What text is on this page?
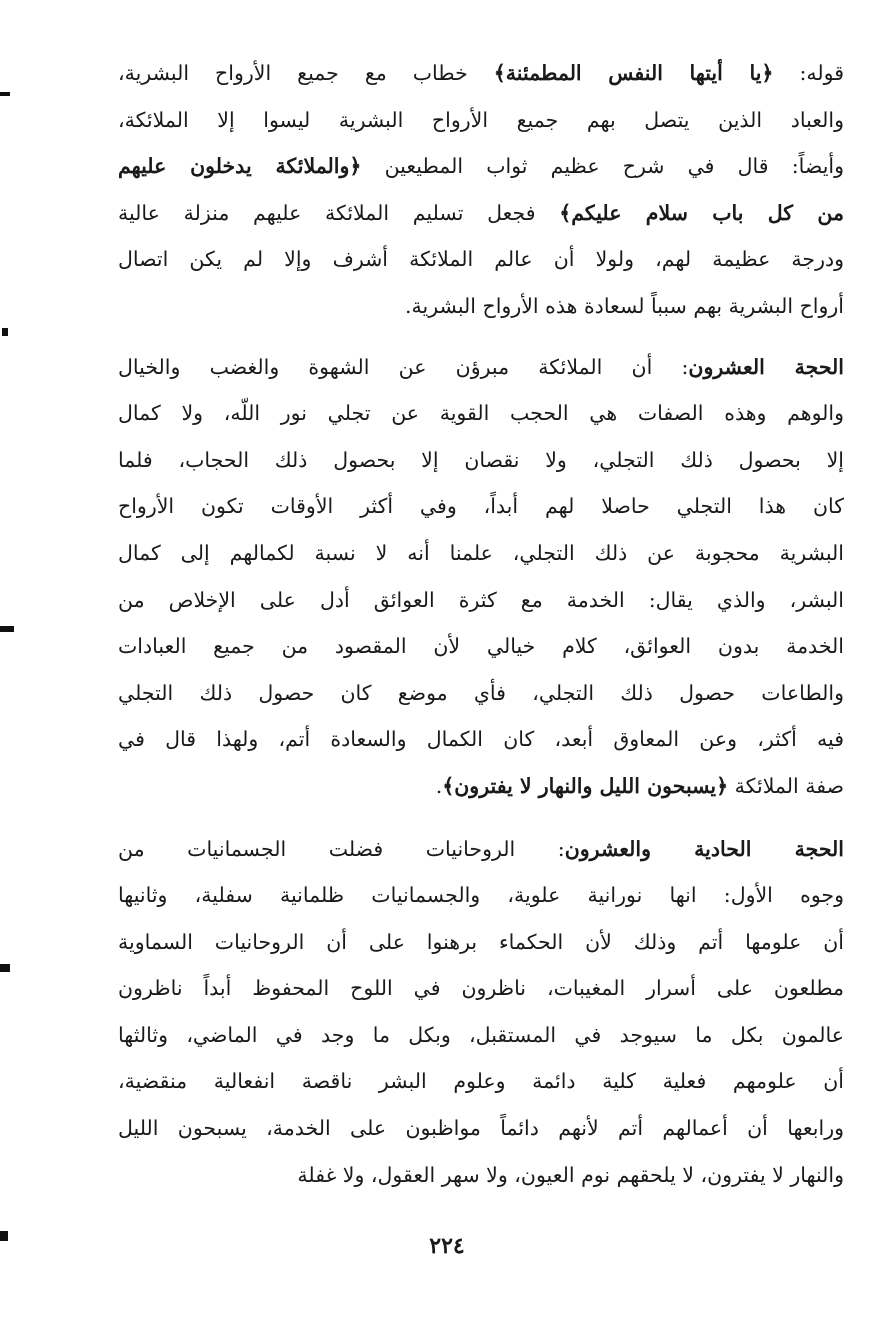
قوله: ﴿يا أيتها النفس المطمئنة﴾ خطاب مع جميع الأرواح البشرية،
والعباد الذين يتصل بهم جميع الأرواح البشرية ليسوا إلا الملائكة،
وأيضاً: قال في شرح عظيم ثواب المطيعين ﴿والملائكة يدخلون عليهم
من كل باب سلام عليكم﴾ فجعل تسليم الملائكة عليهم منزلة عالية
ودرجة عظيمة لهم، ولولا أن عالم الملائكة أشرف وإلا لم يكن اتصال
أرواح البشرية بهم سبباً لسعادة هذه الأرواح البشرية.

الحجة العشرون: أن الملائكة مبرؤن عن الشهوة والغضب والخيال
والوهم وهذه الصفات هي الحجب القوية عن تجلي نور اللّه، ولا كمال
إلا بحصول ذلك التجلي، ولا نقصان إلا بحصول ذلك الحجاب، فلما
كان هذا التجلي حاصلا لهم أبداً، وفي أكثر الأوقات تكون الأرواح
البشرية محجوبة عن ذلك التجلي، علمنا أنه لا نسبة لكمالهم إلى كمال
البشر، والذي يقال: الخدمة مع كثرة العوائق أدل على الإخلاص من
الخدمة بدون العوائق، كلام خيالي لأن المقصود من جميع العبادات
والطاعات حصول ذلك التجلي، فأي موضع كان حصول ذلك التجلي
فيه أكثر، وعن المعاوق أبعد، كان الكمال والسعادة أتم، ولهذا قال في
صفة الملائكة ﴿يسبحون الليل والنهار لا يفترون﴾.

الحجة الحادية والعشرون: الروحانيات فضلت الجسمانيات من
وجوه الأول: انها نورانية علوية، والجسمانيات ظلمانية سفلية، وثانيها
أن علومها أتم وذلك لأن الحكماء برهنوا على أن الروحانيات السماوية
مطلعون على أسرار المغيبات، ناظرون في اللوح المحفوظ أبداً ناظرون
عالمون بكل ما سيوجد في المستقبل، وبكل ما وجد في الماضي، وثالثها
أن علومهم فعلية كلية دائمة وعلوم البشر ناقصة انفعالية منقضية،
ورابعها أن أعمالهم أتم لأنهم دائماً مواظبون على الخدمة، يسبحون الليل
والنهار لا يفترون، لا يلحقهم نوم العيون، ولا سهر العقول، ولا غفلة

٢٢٤
